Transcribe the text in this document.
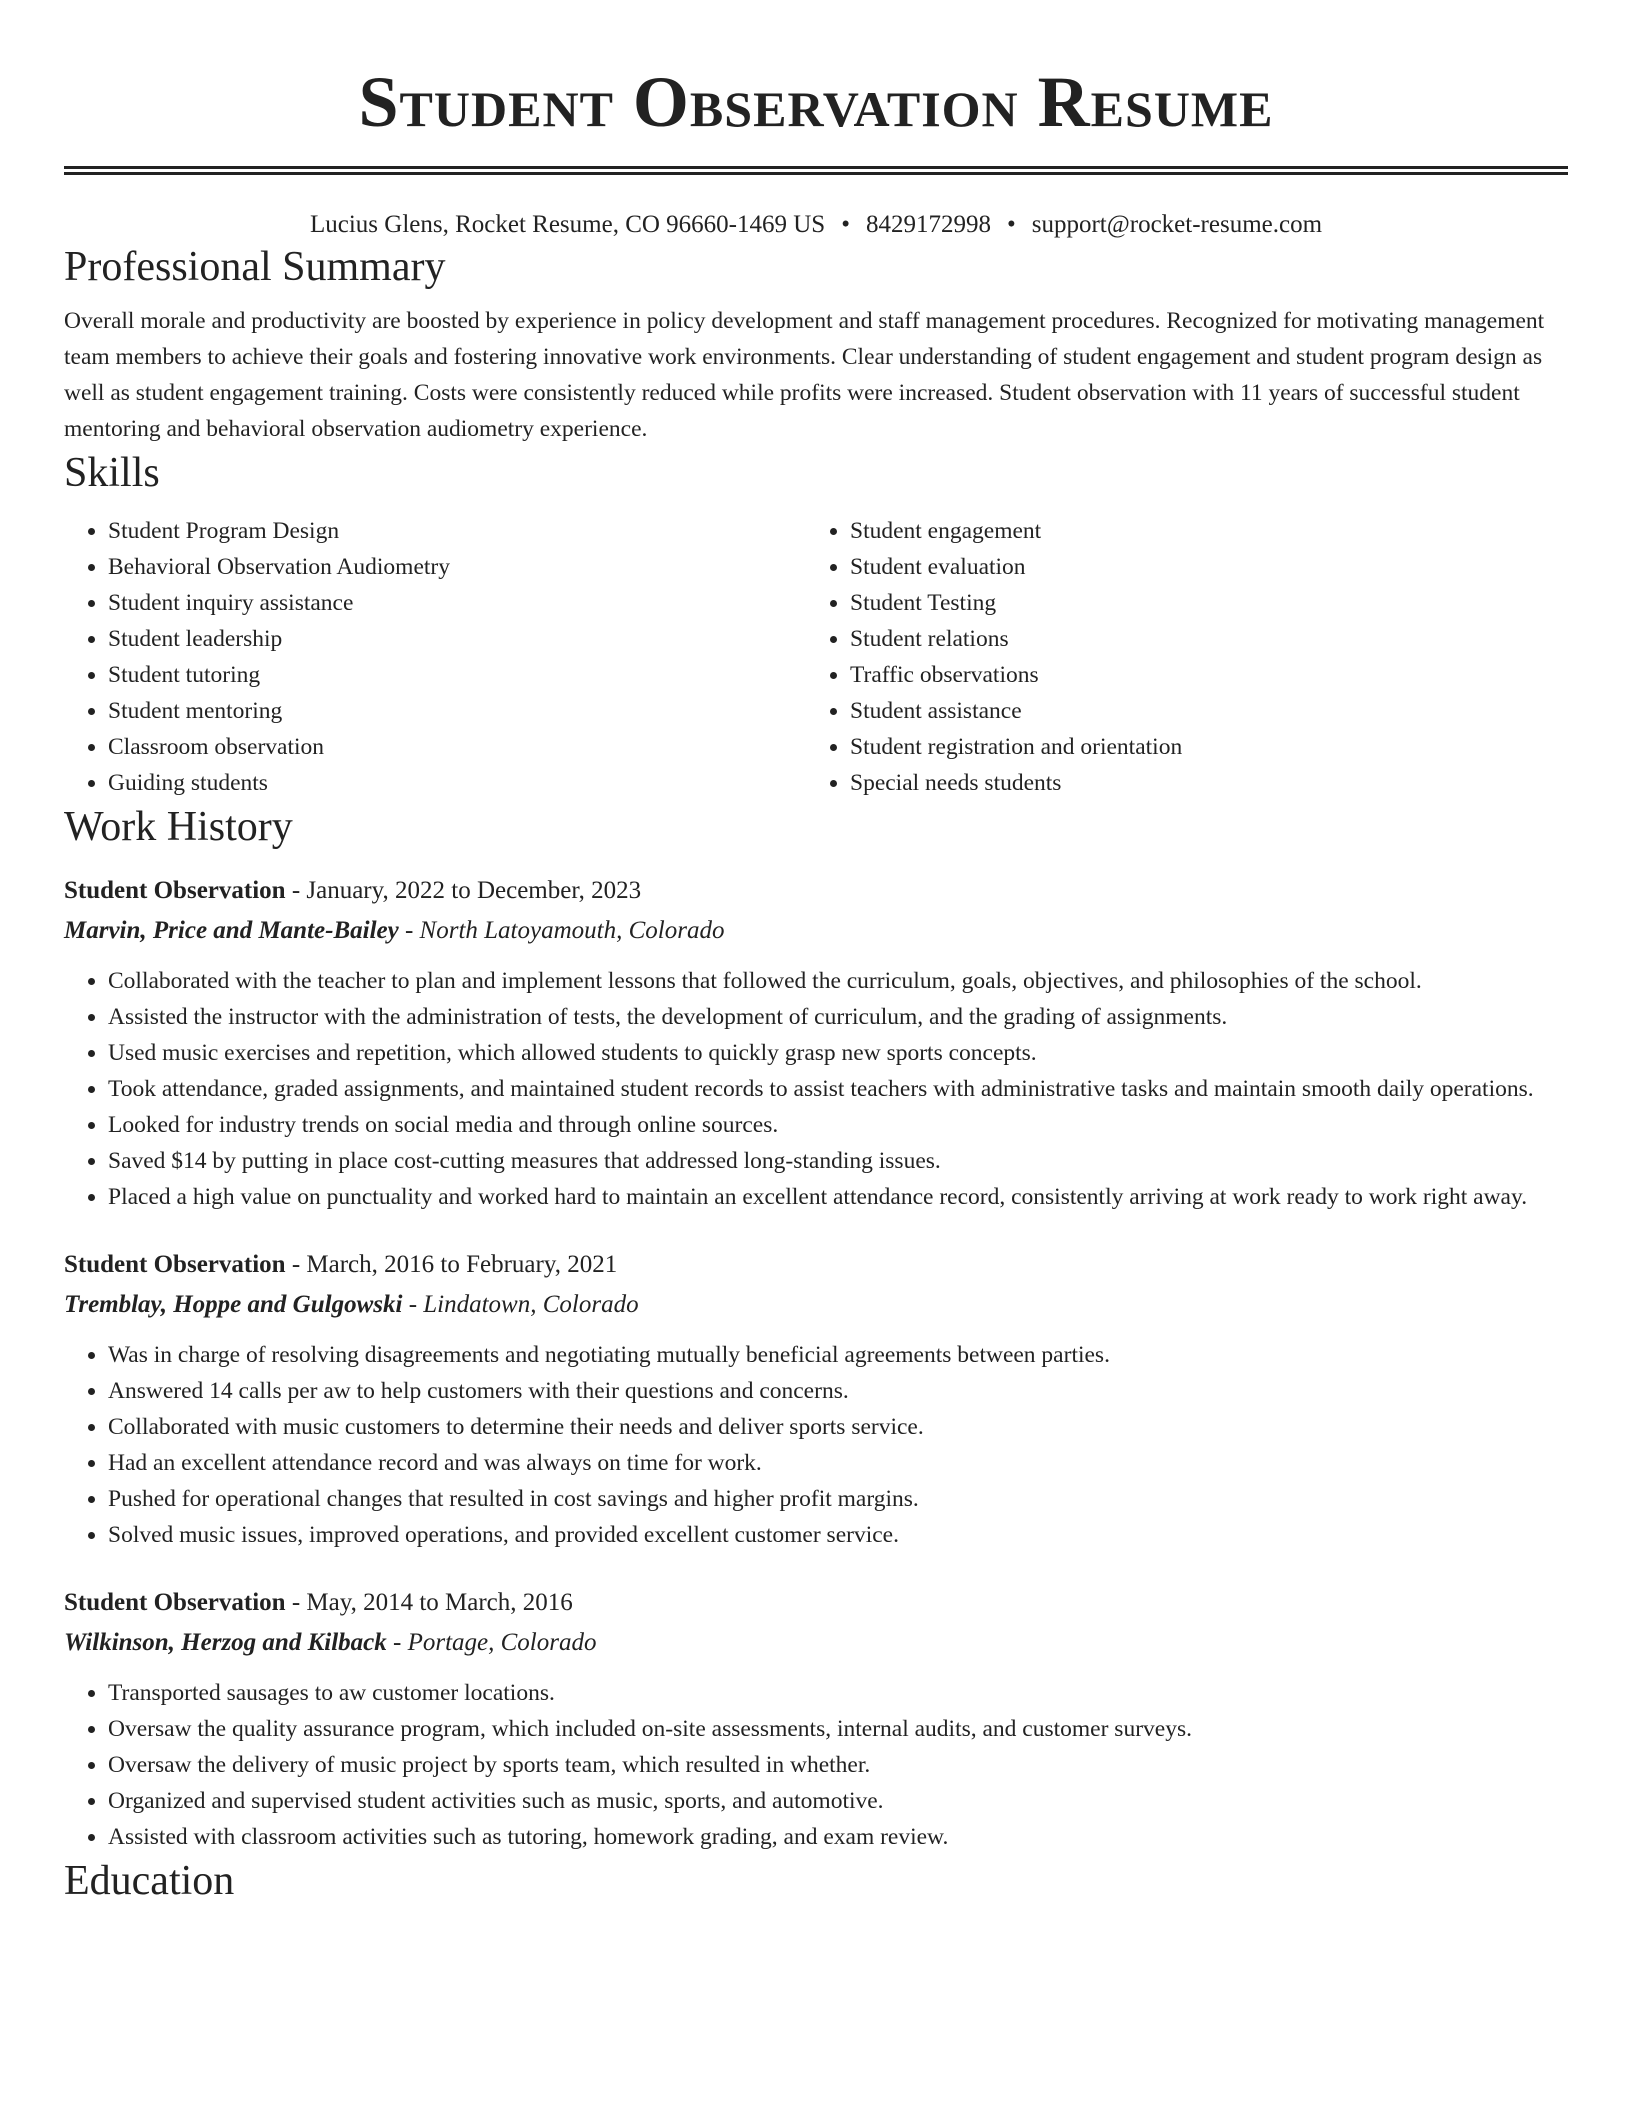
Student Observation Resume
Lucius Glens, Rocket Resume, CO 96660-1469 US • 8429172998 • support@rocket-resume.com
Professional Summary

Overall morale and productivity are boosted by experience in policy development and staff management procedures. Recognized for motivating management team members to achieve their goals and fostering innovative work environments. Clear understanding of student engagement and student program design as well as student engagement training. Costs were consistently reduced while profits were increased. Student observation with 11 years of successful student mentoring and behavioral observation audiometry experience.

Skills
• Student Program Design
• Behavioral Observation Audiometry
• Student inquiry assistance
• Student leadership
• Student tutoring
• Student mentoring
• Classroom observation
• Guiding students
• Student engagement
• Student evaluation
• Student Testing
• Student relations
• Traffic observations
• Student assistance
• Student registration and orientation
• Special needs students
Work History
Student Observation - January, 2022 to December, 2023
Marvin, Price and Mante-Bailey - North Latoyamouth, Colorado
• Collaborated with the teacher to plan and implement lessons that followed the curriculum, goals, objectives, and philosophies of the school.
• Assisted the instructor with the administration of tests, the development of curriculum, and the grading of assignments.
• Used music exercises and repetition, which allowed students to quickly grasp new sports concepts.
• Took attendance, graded assignments, and maintained student records to assist teachers with administrative tasks and maintain smooth daily operations.
• Looked for industry trends on social media and through online sources.
• Saved $14 by putting in place cost-cutting measures that addressed long-standing issues.
• Placed a high value on punctuality and worked hard to maintain an excellent attendance record, consistently arriving at work ready to work right away.
Student Observation - March, 2016 to February, 2021
Tremblay, Hoppe and Gulgowski - Lindatown, Colorado
• Was in charge of resolving disagreements and negotiating mutually beneficial agreements between parties.
• Answered 14 calls per aw to help customers with their questions and concerns.
• Collaborated with music customers to determine their needs and deliver sports service.
• Had an excellent attendance record and was always on time for work.
• Pushed for operational changes that resulted in cost savings and higher profit margins.
• Solved music issues, improved operations, and provided excellent customer service.
Student Observation - May, 2014 to March, 2016
Wilkinson, Herzog and Kilback - Portage, Colorado
• Transported sausages to aw customer locations.
• Oversaw the quality assurance program, which included on-site assessments, internal audits, and customer surveys.
• Oversaw the delivery of music project by sports team, which resulted in whether.
• Organized and supervised student activities such as music, sports, and automotive.
• Assisted with classroom activities such as tutoring, homework grading, and exam review.
Education
